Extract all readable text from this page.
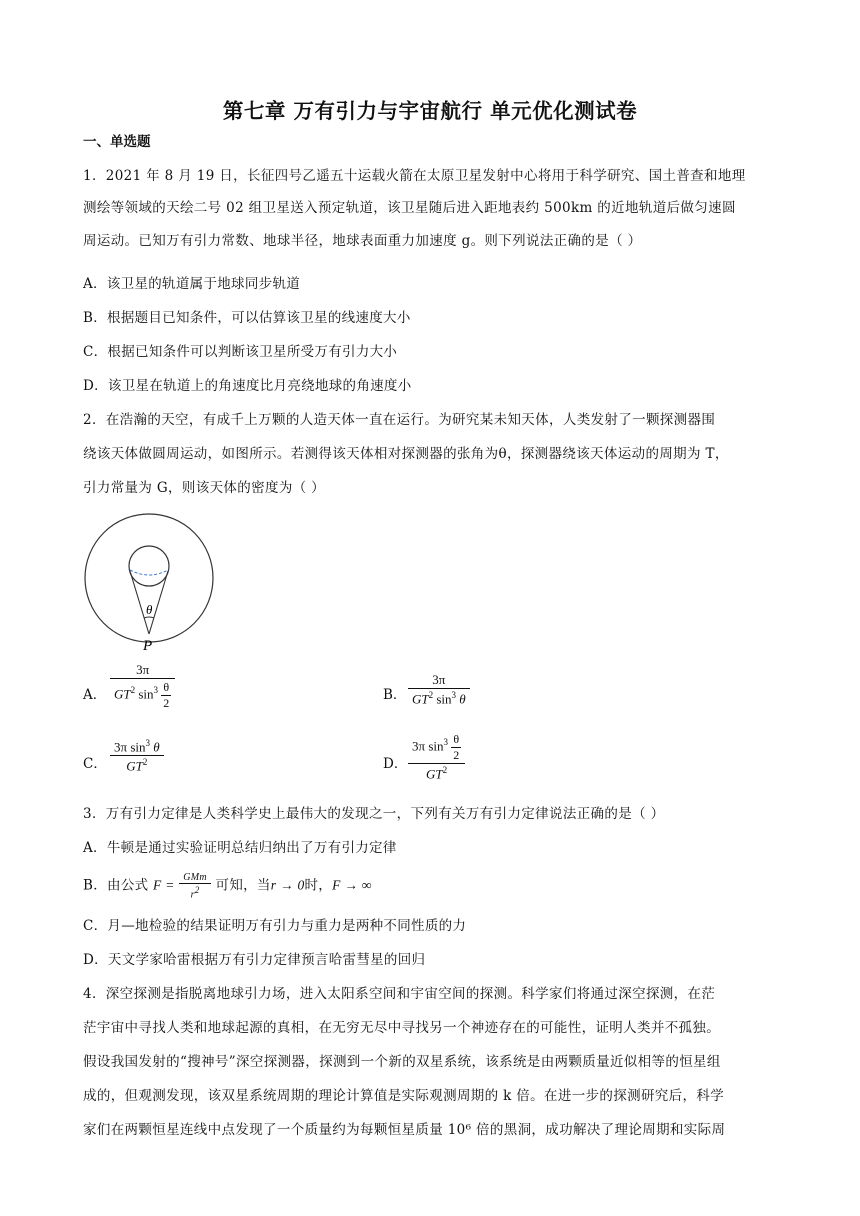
第七章 万有引力与宇宙航行 单元优化测试卷
一、单选题
1．2021 年 8 月 19 日，长征四号乙遥五十运载火箭在太原卫星发射中心将用于科学研究、国土普查和地理
测绘等领域的天绘二号 02 组卫星送入预定轨道，该卫星随后进入距地表约 500km 的近地轨道后做匀速圆
周运动。已知万有引力常数、地球半径，地球表面重力加速度 g。则下列说法正确的是（ ）
A．该卫星的轨道属于地球同步轨道
B．根据题目已知条件，可以估算该卫星的线速度大小
C．根据已知条件可以判断该卫星所受万有引力大小
D．该卫星在轨道上的角速度比月亮绕地球的角速度小
2．在浩瀚的天空，有成千上万颗的人造天体一直在运行。为研究某未知天体，人类发射了一颗探测器围
绕该天体做圆周运动，如图所示。若测得该天体相对探测器的张角为θ，探测器绕该天体运动的周期为 T，
引力常量为 G，则该天体的密度为（ ）
θ
P
A． $\frac{3\pi}{GT^2 \sin^3 \frac{\theta}{2}}$	B． $\frac{3\pi}{GT^2 \sin^3 \theta}$
C． $\frac{3\pi \sin^3 \theta}{GT^2}$	D． $\frac{3\pi \sin^3 \frac{\theta}{2}}{GT^2}$
3．万有引力定律是人类科学史上最伟大的发现之一，下列有关万有引力定律说法正确的是（ ）
A．牛顿是通过实验证明总结归纳出了万有引力定律
B．由公式 $F = \frac{\text{GMm}}{r2}$ 可知，当r → 0时，F → ∞
C．月—地检验的结果证明万有引力与重力是两种不同性质的力
D．天文学家哈雷根据万有引力定律预言哈雷彗星的回归
4．深空探测是指脱离地球引力场，进入太阳系空间和宇宙空间的探测。科学家们将通过深空探测，在茫
茫宇宙中寻找人类和地球起源的真相，在无穷无尽中寻找另一个神迹存在的可能性，证明人类并不孤独。
假设我国发射的“搜神号”深空探测器，探测到一个新的双星系统，该系统是由两颗质量近似相等的恒星组
成的，但观测发现，该双星系统周期的理论计算值是实际观测周期的 k 倍。在进一步的探测研究后，科学
家们在两颗恒星连线中点发现了一个质量约为每颗恒星质量 10⁶ 倍的黑洞，成功解决了理论周期和实际周
